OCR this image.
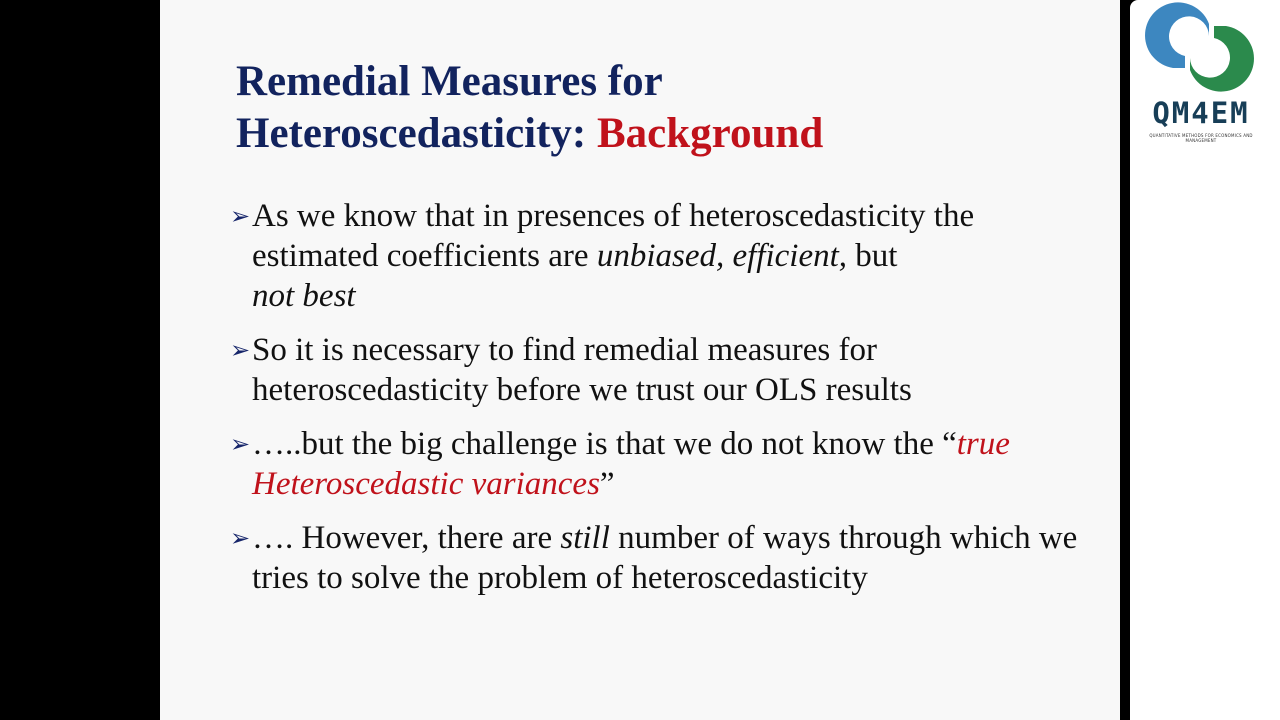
Remedial Measures for
Heteroscedasticity: Background
➢ As we know that in presences of heteroscedasticity the estimated coefficients are unbiased, efficient, but
not best
➢ So it is necessary to find remedial measures for heteroscedasticity before we trust our OLS results
➢ …..but the big challenge is that we do not know the “true Heteroscedastic variances”
➢ …. However, there are still number of ways through which we tries to solve the problem of heteroscedasticity
QM4EM
QUANTITATIVE METHODS FOR ECONOMICS AND MANAGEMENT
